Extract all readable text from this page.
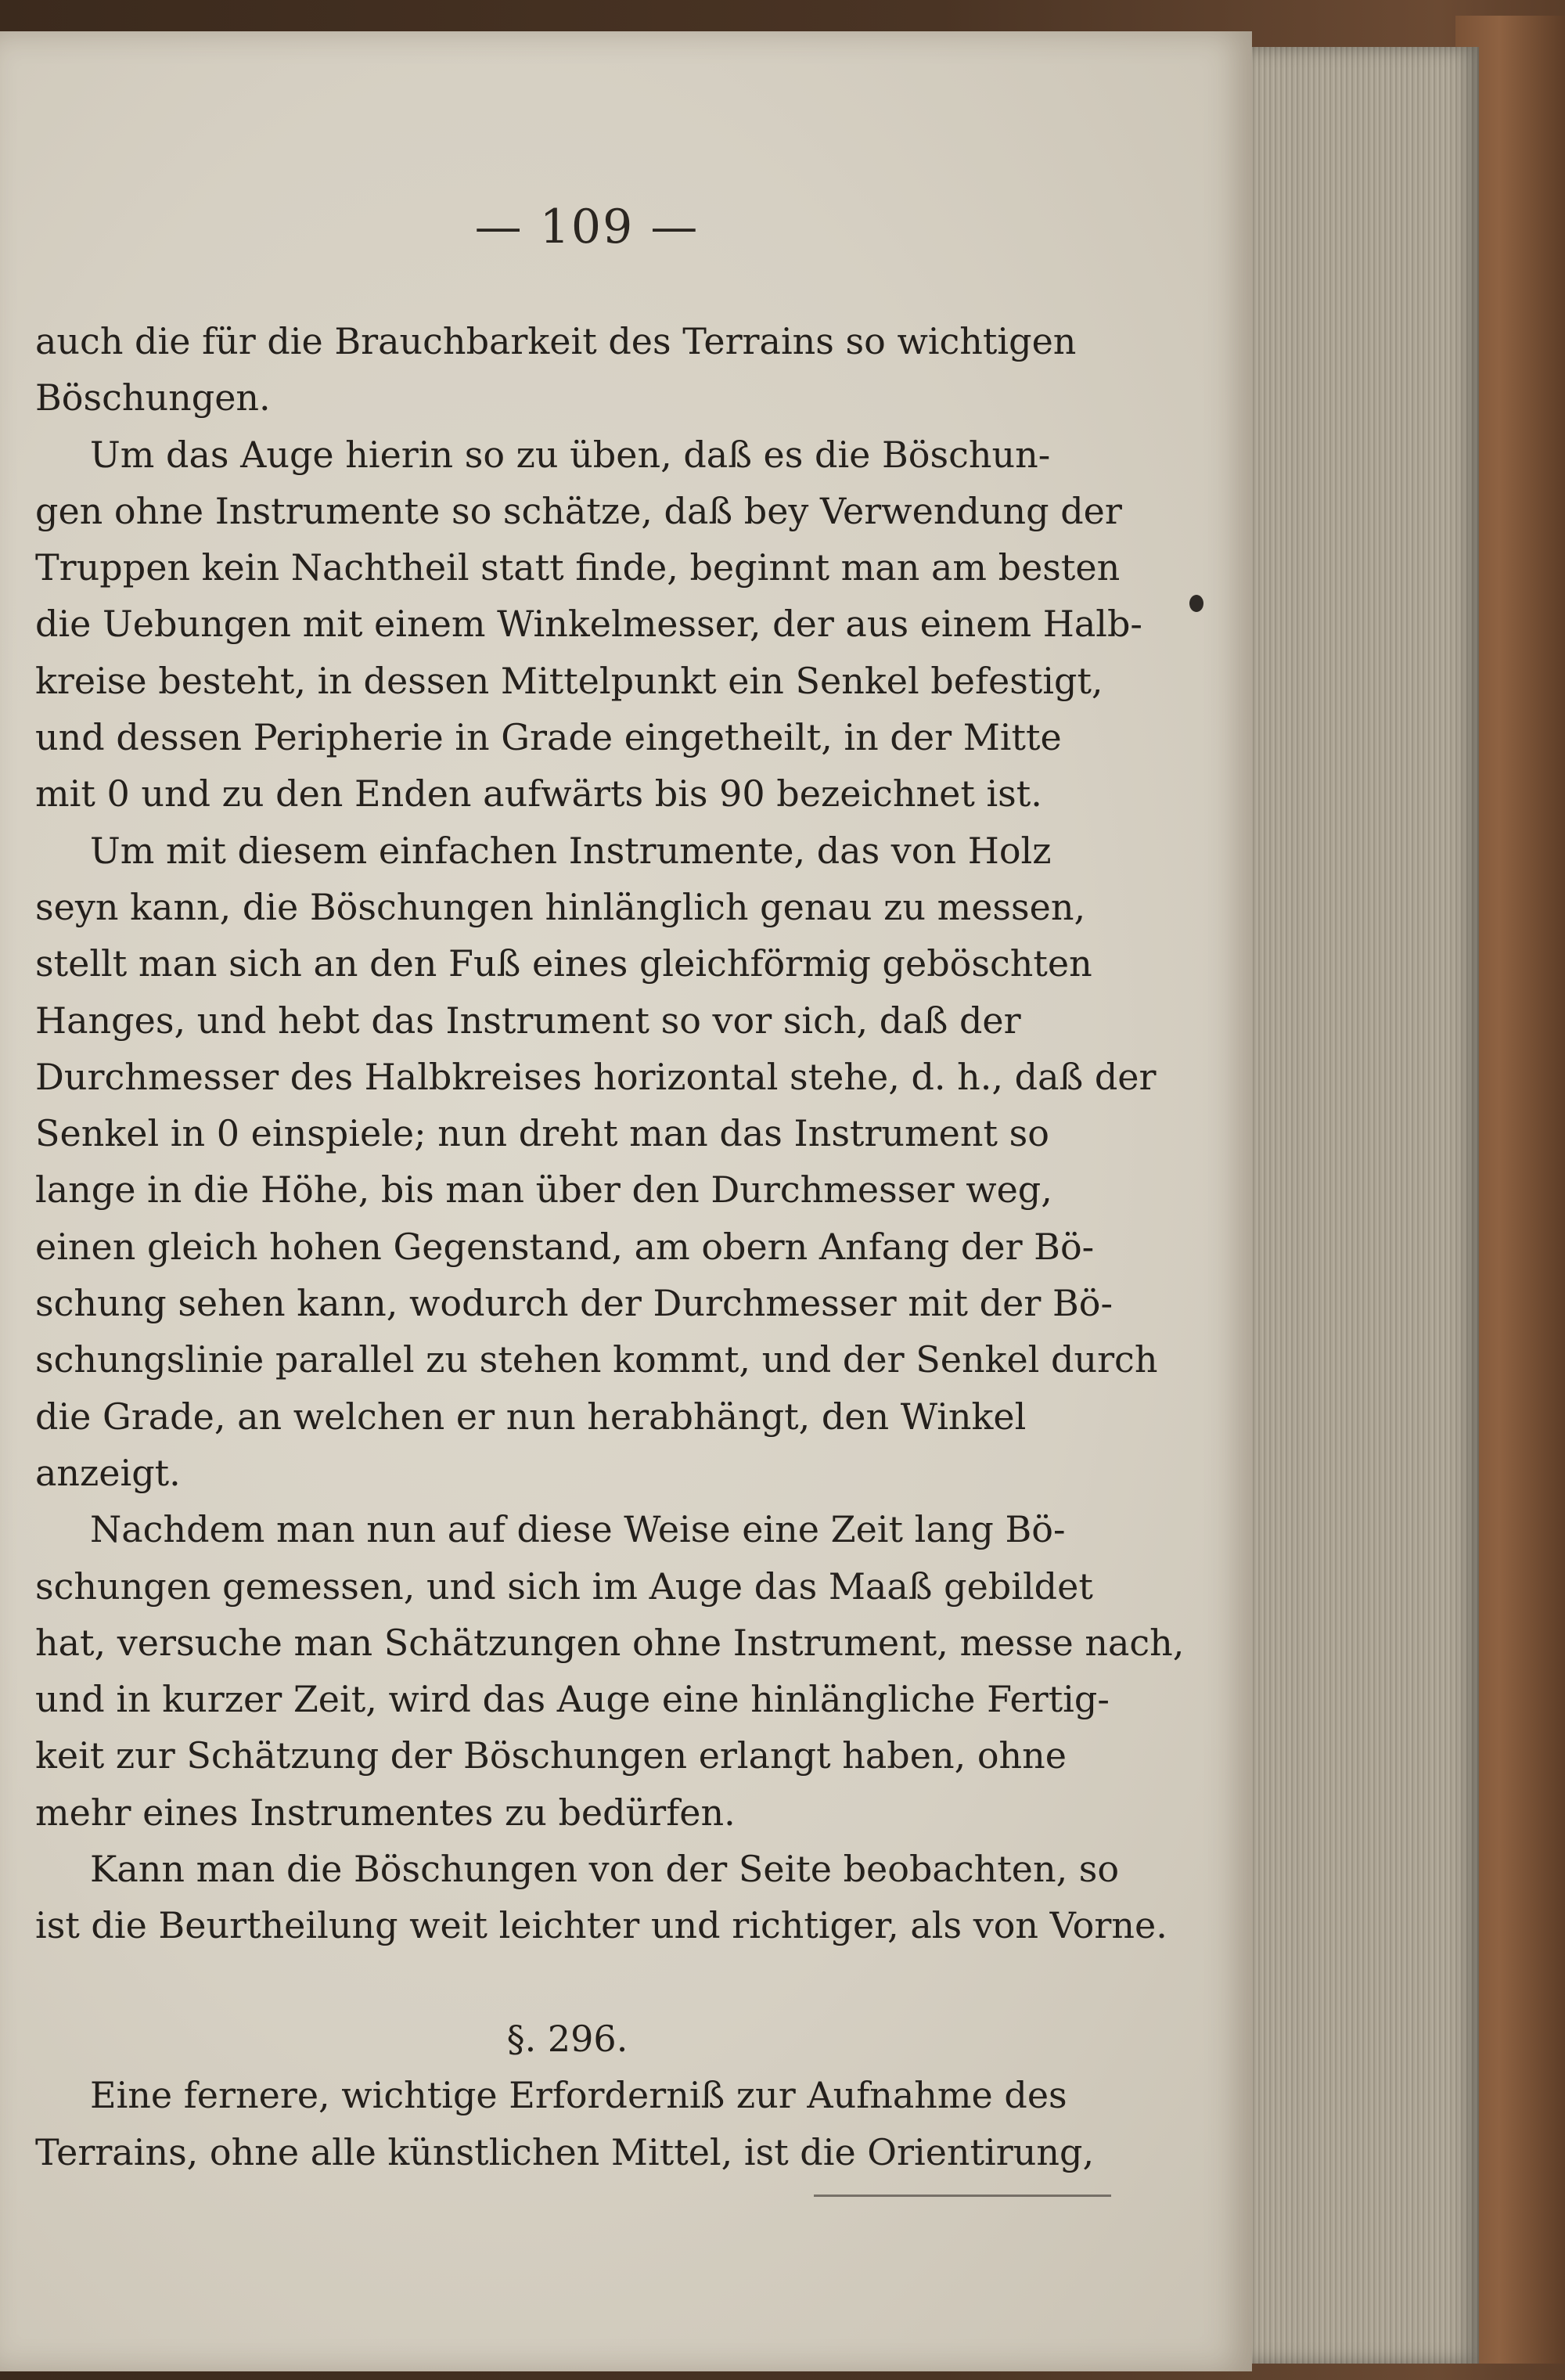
— 109 —
auch die für die Brauchbarkeit des Terrains so wichtigen
Böschungen.
Um das Auge hierin so zu üben, daß es die Böschun-
gen ohne Instrumente so schätze, daß bey Verwendung der
Truppen kein Nachtheil statt finde, beginnt man am besten
die Uebungen mit einem Winkelmesser, der aus einem Halb-
kreise besteht, in dessen Mittelpunkt ein Senkel befestigt,
und dessen Peripherie in Grade eingetheilt, in der Mitte
mit 0 und zu den Enden aufwärts bis 90 bezeichnet ist.
Um mit diesem einfachen Instrumente, das von Holz
seyn kann, die Böschungen hinlänglich genau zu messen,
stellt man sich an den Fuß eines gleichförmig geböschten
Hanges, und hebt das Instrument so vor sich, daß der
Durchmesser des Halbkreises horizontal stehe, d. h., daß der
Senkel in 0 einspiele; nun dreht man das Instrument so
lange in die Höhe, bis man über den Durchmesser weg,
einen gleich hohen Gegenstand, am obern Anfang der Bö-
schung sehen kann, wodurch der Durchmesser mit der Bö-
schungslinie parallel zu stehen kommt, und der Senkel durch
die Grade, an welchen er nun herabhängt, den Winkel
anzeigt.
Nachdem man nun auf diese Weise eine Zeit lang Bö-
schungen gemessen, und sich im Auge das Maaß gebildet
hat, versuche man Schätzungen ohne Instrument, messe nach,
und in kurzer Zeit, wird das Auge eine hinlängliche Fertig-
keit zur Schätzung der Böschungen erlangt haben, ohne
mehr eines Instrumentes zu bedürfen.
Kann man die Böschungen von der Seite beobachten, so
ist die Beurtheilung weit leichter und richtiger, als von Vorne.
§. 296.
Eine fernere, wichtige Erforderniß zur Aufnahme des
Terrains, ohne alle künstlichen Mittel, ist die Orientirung,
